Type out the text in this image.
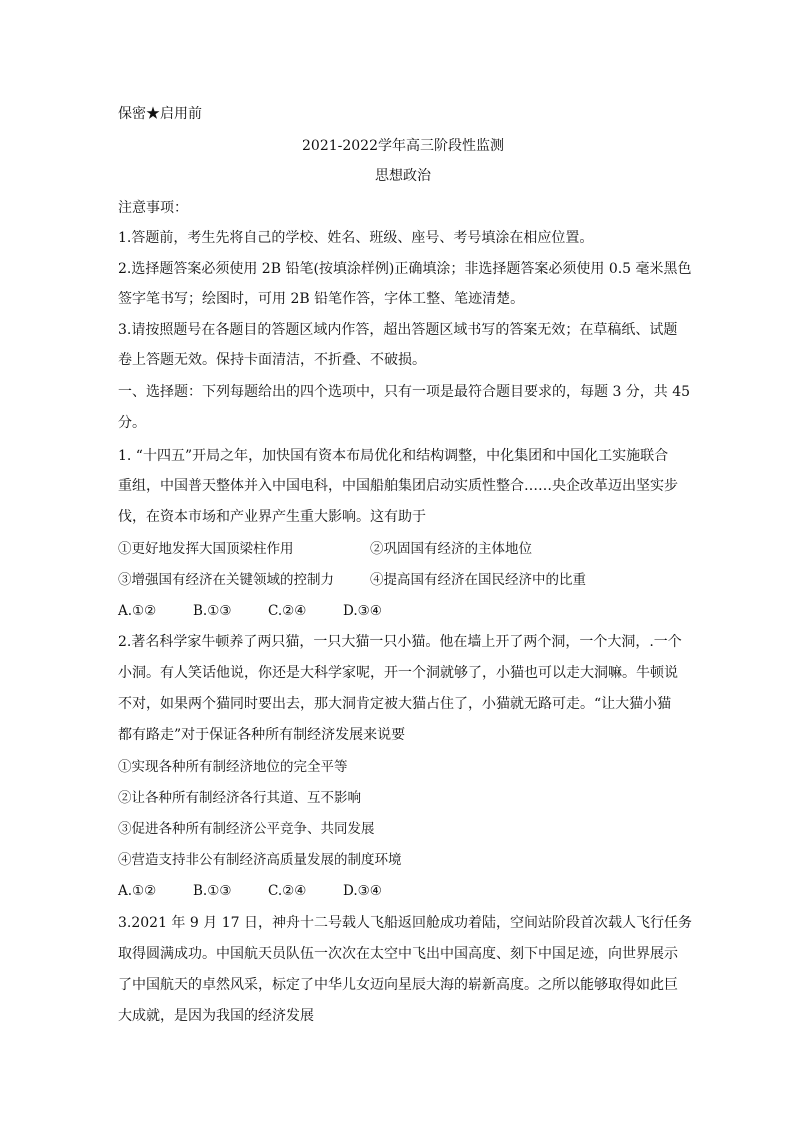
保密★启用前
2021-2022学年高三阶段性监测
思想政治
注意事项：
1.答题前，考生先将自己的学校、姓名、班级、座号、考号填涂在相应位置。
2.选择题答案必须使用 2B 铅笔(按填涂样例)正确填涂；非选择题答案必须使用 0.5 毫米黑色
签字笔书写；绘图时，可用 2B 铅笔作答，字体工整、笔迹清楚。
3.请按照题号在各题目的答题区域内作答，超出答题区域书写的答案无效；在草稿纸、试题
卷上答题无效。保持卡面清洁，不折叠、不破损。
一、选择题：下列每题给出的四个选项中，只有一项是最符合题目要求的，每题 3 分，共 45
分。
1. “十四五”开局之年，加快国有资本布局优化和结构调整，中化集团和中国化工实施联合
重组，中国普天整体并入中国电科，中国船舶集团启动实质性整合……央企改革迈出坚实步
伐，在资本市场和产业界产生重大影响。这有助于
①更好地发挥大国顶梁柱作用	②巩固国有经济的主体地位
③增强国有经济在关键领域的控制力	④提高国有经济在国民经济中的比重
A.①②	B.①③	C.②④	D.③④
2.著名科学家牛顿养了两只猫，一只大猫一只小猫。他在墙上开了两个洞，一个大洞，.一个
小洞。有人笑话他说，你还是大科学家呢，开一个洞就够了，小猫也可以走大洞嘛。牛顿说
不对，如果两个猫同时要出去，那大洞肯定被大猫占住了，小猫就无路可走。“让大猫小猫
都有路走”对于保证各种所有制经济发展来说要
①实现各种所有制经济地位的完全平等
②让各种所有制经济各行其道、互不影响
③促进各种所有制经济公平竞争、共同发展
④营造支持非公有制经济高质量发展的制度环境
A.①②	B.①③	C.②④	D.③④
3.2021 年 9 月 17 日，神舟十二号载人飞船返回舱成功着陆，空间站阶段首次载人飞行任务
取得圆满成功。中国航天员队伍一次次在太空中飞出中国高度、刻下中国足迹，向世界展示
了中国航天的卓然风采，标定了中华儿女迈向星辰大海的崭新高度。之所以能够取得如此巨
大成就，是因为我国的经济发展
